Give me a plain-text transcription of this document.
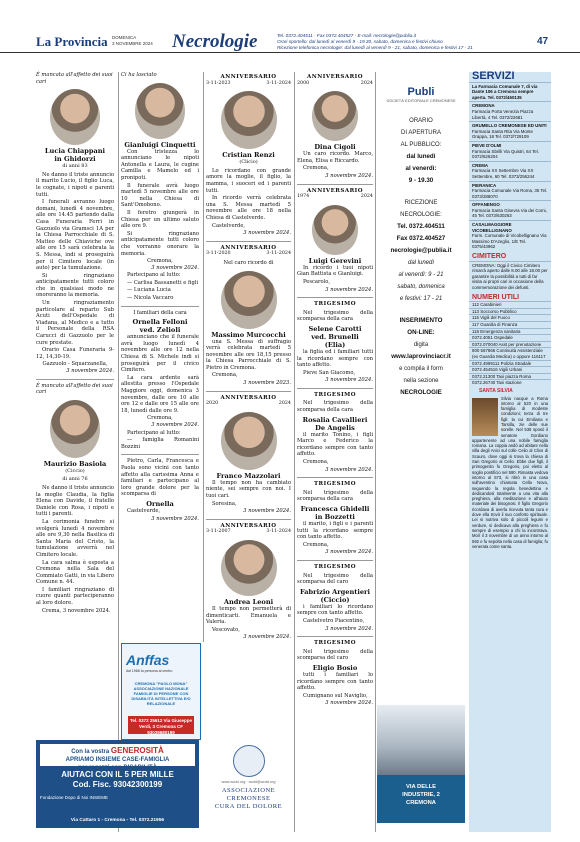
La Provincia DOMENICA
3 NOVEMBRE 2024 Necrologie	Tel. 0372.404511 · Fax 0372.404527 · E-mail: necrologie@publia.it
Orari sportello: dal lunedì al venerdì 9 - 19.30, sabato, domenica e festivi chiuso
Ricezione telefonica necrologie: dal lunedì al venerdì 9 - 21, sabato, domenica e festivi 17 - 21
47
È mancata all'affetto dei suoi cari
Lucia Chiappani
in Ghidorzi
di anni 83

Ne danno il triste annuncio il marito Lucio, il figlio Luca, le cognate, i nipoti e parenti tutti.

I funerali avranno luogo domani, lunedì 4 novembre, alle ore 14.45 partendo dalla Casa Funeraria Ferri in Gazzuolo via Gramsci 1A per la Chiesa Parrocchiale di S. Matteo delle Chiaviche ove alle ore 15 sarà celebrata la S. Messa, indi si proseguirà per il Cimitero locale (in auto) per la tumulazione.

Si ringraziano anticipatamente tutti coloro che in qualsiasi modo ne onoreranno la memoria.

Un ringraziamento particolare al reparto Sub Acuti dell'Ospedale di Viadana, al Medico e a tutto il Personale della RSA Carucci di Gazzuolo per le cure prestate.

Orario Casa Funeraria 9-12, 14,30-19.

Gazzuolo - Squarzanella,

3 novembre 2024.

È mancato all'affetto dei suoi cari
Maurizio Basiola
(Ciccio)
di anni 76

Ne danno il triste annuncio la moglie Claudia, la figlia Elena con Davide, il fratello Daniele con Rosa, i nipoti e tutti i parenti.

La cerimonia funebre si svolgerà lunedì 4 novembre alle ore 9,30 nella Basilica di Santa Maria del Cristo, la tumulazione avverrà nel Cimitero locale.

La cara salma è esposta a Cremona nella Sala del Commiato Gatti, in via Libero Comune n. 44.

I familiari ringraziano di cuore quanti parteciperanno al loro dolore.

Crema, 3 novembre 2024.

Ci ha lasciato
Gianluigi Cinquetti

Con tristezza lo annunciano le nipoti Antonella e Laura, le cugine Camilla e Mamelo ed i pronipoti.

Il funerale avrà luogo martedì 5 novembre alle ore 10 nella Chiesa di Sant'Omobono.

Il feretro giungerà in Chiesa per un ultimo saluto alle ore 9.

Si ringraziano anticipatamente tutti coloro che vorranno onorare la memoria.

Cremona,

3 novembre 2024.

Partecipano al lutto:

— Carlisa Bassanetti e figli

— Luciana Lucia

— Nicola Vaccaro

I familiari della cara
Ornella Felloni
ved. Zelioli

annunciano che il funerale avrà luogo lunedì 4 novembre alle ore 12 nella Chiesa di S. Michele indi si proseguirà per il civico Cimitero.

La cara ardente sarà allestita presso l'Ospedale Maggiore oggi, domenica 3 novembre, dalle ore 10 alle ore 12 e dalle ore 15 alle ore 18, lunedì dalle ore 9.

Cremona,

3 novembre 2024.

Partecipano al lutto:

— famiglia Romanini Bozzini

Pietro, Carla, Francesca e Paola sono vicini con tanto affetto alla carissima Anna e familiari e partecipano al loro grande dolore per la scomparsa di

Ornella

Castelverde,

3 novembre 2024.

Anffas
dal 1968 la persona al centro
CREMONA "PAOLO MONA" ASSOCIAZIONE NAZIONALE FAMIGLIE DI PERSONE CON DISABILITÀ INTELLETTIVA E/O RELAZIONALE
Tel. 0372 25612 Via Giuseppe Verdi, 3 Cremona CF 93039680199
Con la vostra GENEROSITÀ
APRIAMO INSIEME CASE-FAMIGLIA
per ragazzi con DISABILITÀ
AIUTACI CON IL 5 PER MILLE
Cod. Fisc. 93042300199
Fondazione Dopo di Noi INSIEME
Via Cattaro 1 - Cremona - Tel. 0372.21956
ANNIVERSARIO
3-11-2023	3-11-2024
Cristian Renzi
(Clicio)

Lo ricordano con grande amore la moglie, il figlio, la mamma, i suoceri ed i parenti tutti.

In ricordo verrà celebrata una S. Messa martedì 5 novembre alle ore 18 nella Chiesa di Castelverde.

Castelverde,

3 novembre 2024.

ANNIVERSARIO
3-11-2020	3-11-2024
Nel caro ricordo di
Massimo Murcocchi

una S. Messa di suffragio verrà celebrata martedì 5 novembre alle ore 18,15 presso la Chiesa Parrocchiale di S. Pietro in Cremona.

Cremona,

3 novembre 2023.

ANNIVERSARIO
2020	2024
Franco Mazzolari

Il tempo non ha cambiato niente, sei sempre con noi. I tuoi cari.

Soresina,

3 novembre 2024.

ANNIVERSARIO
3-11-2007	3-11-2024
Andrea Leoni

Il tempo non permetterà di dimenticarti. Emanuela e Valeria.

Vescovato,

3 novembre 2024.

www.acdd.org · acdd@acdd.org
ASSOCIAZIONE
CREMONESE
CURA DEL DOLORE
ANNIVERSARIO
2000	2024
Dina Cigoli

Un caro ricordo. Marco, Elena, Elisa e Riccardo.

Cremona,

3 novembre 2024.

ANNIVERSARIO
1974	2024
Luigi Gerevini

In ricordo i tuoi nipoti Gian Battista e Gianluigi.

Pescarolo,

3 novembre 2024.

TRIGESIMO

Nel trigesimo della scomparsa della cara

Selene Carotti
ved. Brunelli
(Elia)

la figlia ed i familiari tutti la ricordano sempre con tanto affetto.

Pieve San Giacomo,

3 novembre 2024.

TRIGESIMO

Nel trigesimo della scomparsa della cara

Rosalia Cavallieri
De Angelis

il marito Tonino, i figli Marco e Federico la ricordano sempre con tanto affetto.

Cremona,

3 novembre 2024.

TRIGESIMO

Nel trigesimo della scomparsa della cara

Francesca Ghidelli
in Bozzetti

il marito, i figli e i parenti tutti la ricordano sempre con tanto affetto.

Cremona,

3 novembre 2024.

TRIGESIMO

Nel trigesimo della scomparsa del caro

Fabrizio Argentieri
(Ciccio)

i familiari lo ricordano sempre con tanto affetto.

Castelvetro Piacentino,

3 novembre 2024.

TRIGESIMO

Nel trigesimo della scomparsa del caro

Eligio Bosio

tutti i familiari lo ricordano sempre con tanto affetto.

Cumignano sul Naviglio,

3 novembre 2024.

Publi
SOCIETÀ EDITORIALE CREMONESE
ORARIO
DI APERTURA
AL PUBBLICO:
dal lunedì
al venerdì:
9 - 19.30
RICEZIONE
NECROLOGIE:
Tel. 0372.404511
Fax 0372.404527
necrologie@publia.it
dal lunedì
al venerdì: 9 - 21
sabato, domenica
e festivi: 17 - 21
INSERIMENTO
ON-LINE:
digita
www.laprovinciacr.it
e compila il form
nella sezione
NECROLOGIE
VIA DELLE
INDUSTRIE, 2
CREMONA
SERVIZI
La Farmacia Comunale 7, di via Dante 106 a Cremona sempre aperta. Tel. 0372/460135
CREMONA
Farmacia Porta Venezia Piazza Libertà, 4 Tel. 0372/22681
GRUMELLO CREMONESE ED UNITI
Farmacia Santa Rita Via Monte Grappa, 18 Tel. 0372/729109
PIEVE D'OLMI
Farmacia Sbrilli Via Quistri, 64 Tel. 0372/626204
CREMA
Farmacia XX Settembre Via XX Settembre, 60 Tel. 0373/256244
PIERANICA
Farmacia Comunale Via Roma, 35 Tel. 0373/288070
OFFANENGO
Farmacia Santa Ginevra Via dei Comi, 45 Tel. 0373/630263
CASALMAGGIORE VICOBELLIGNANO
Farm. Comunale di Vicobellignano Via Massimo D'Azeglio, 1/E Tel. 0375/43962
CIMITERO
CREMONA: Oggi il Civico Cimitero rimarrà aperto dalle 8.00 alle 18.00 per garantire la possibilità a tutti di far visita ai propri cari in occasione della commemorazione dei defunti.
NUMERI UTILI
112 Carabinieri
113 Soccorso Pubblico
115 Vigili del Fuoco
117 Guardia di Finanza
118 Emergenza sanitaria
0372.4051 Ospedale
0372.070040 Asst per prenotazione
800 567866 Continuità Assistenziale (ex Guardia Medica) o oppure 116117
0372.4999111 Polizia Stradale
0372.454516 Vigili Urbani
0372.21300 Taxi piazza Roma
0372.26740 Taxi stazione
SANTA SILVIA
Silvia nacque a Roma intorno al 520 in una famiglia di modeste condizioni; terza di tre figli: la cui Emiliana e Tarsilla, zie delle sue sorelle. Nel 536 sposò il senatore Gordiano appartenente ad una nobile famiglia romana. La coppia andò ad abitare nella villa degli Anici sul colle Celio al Clivo di Scauro, dove oggi si trova la chiesa di San Gregorio al Celio. Ebbe due figli, il primogenito fu Gregorio, poi eletto al soglio pontificio nel 590. Rimasta vedova intorno al 573, si ritirò in una casa sull'aventino chiamata Cella Nova, seguendo la regola benedettina e dedicandosi totalmente a una vita alla preghiera, alla meditazione e all'aiuto materiale dei bisognosi. Il figlio Gregorio ricordava di averla ricevuta tanta cura e dove ella trovò il suo conforto spirituale. Lei si nutriva solo di piccoli legumi e verdure, si dedicava alla preghiera e fu sempre di esempio a chi la incontrava. Morì il 3 novembre di un anno intorno al 592 e fu sepolta nella casa di famiglia; fu venerata come santa.
